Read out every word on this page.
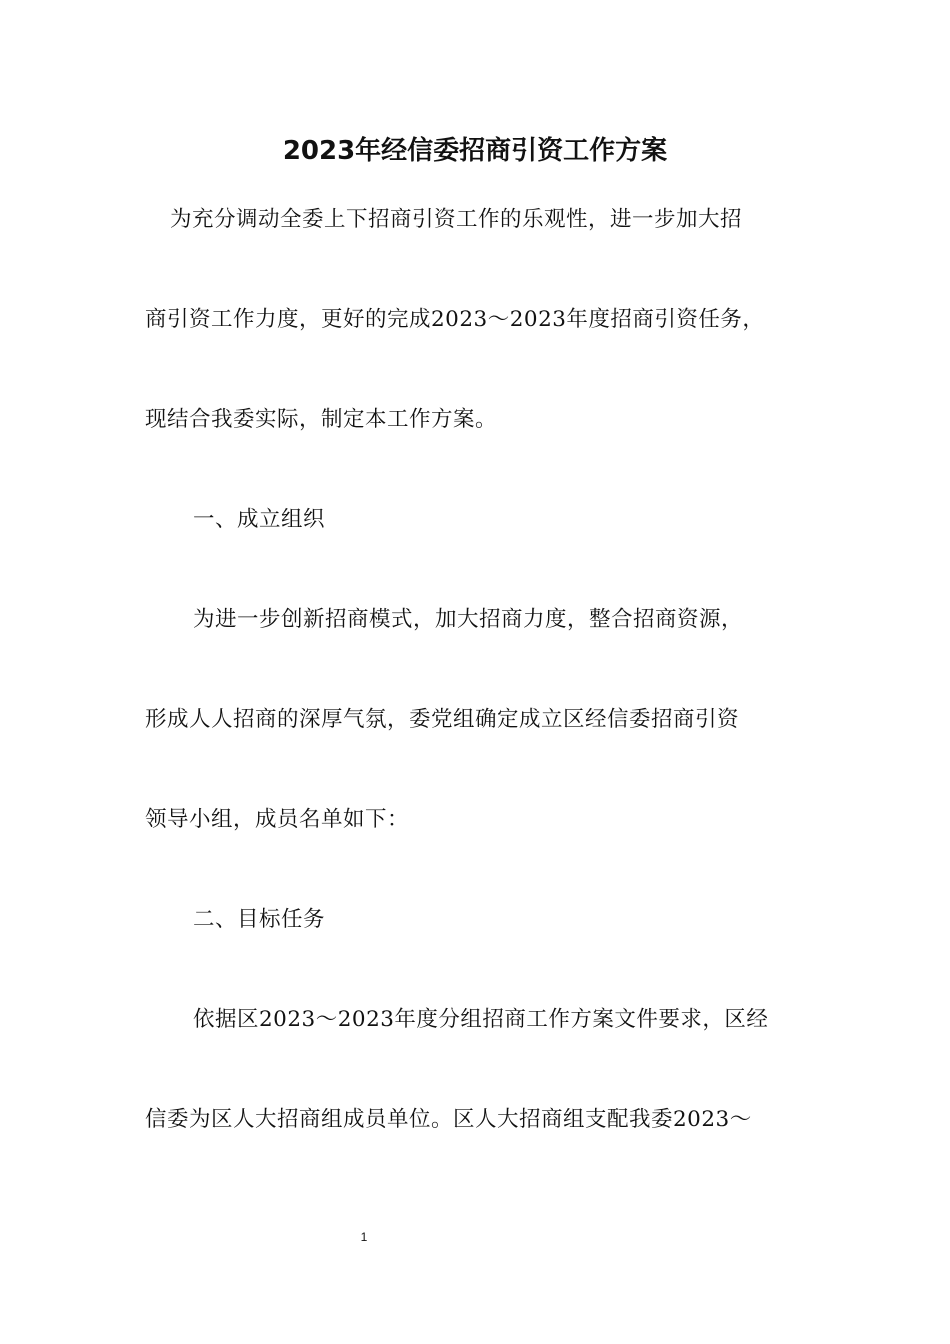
2023年经信委招商引资工作方案
为充分调动全委上下招商引资工作的乐观性，进一步加大招
商引资工作力度，更好的完成2023～2023年度招商引资任务，
现结合我委实际，制定本工作方案。
一、成立组织
为进一步创新招商模式，加大招商力度，整合招商资源，
形成人人招商的深厚气氛，委党组确定成立区经信委招商引资
领导小组，成员名单如下：
二、目标任务
依据区2023～2023年度分组招商工作方案文件要求，区经
信委为区人大招商组成员单位。区人大招商组支配我委2023～
1
